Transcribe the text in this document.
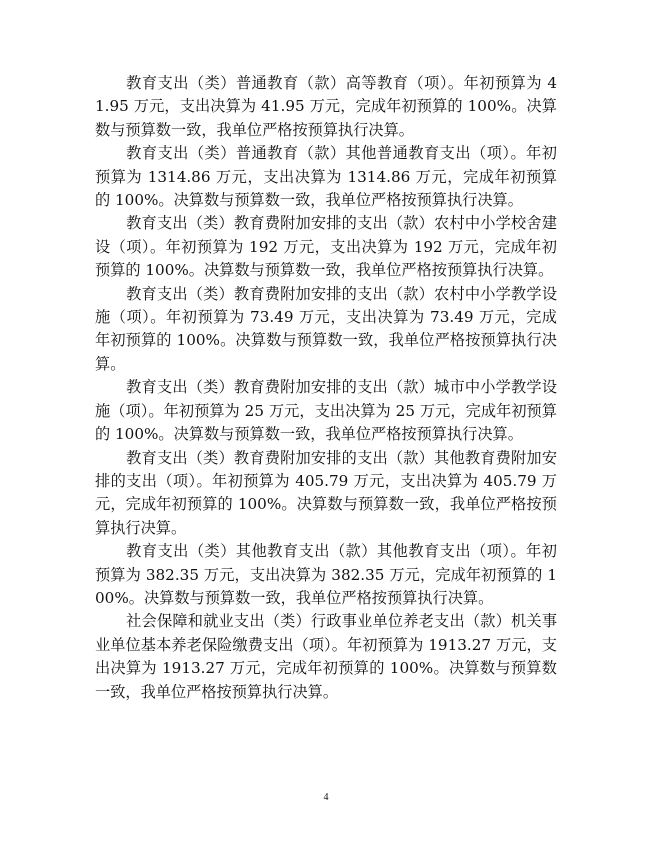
教育支出（类）普通教育（款）高等教育（项）。年初预算为 41.95 万元，支出决算为 41.95 万元，完成年初预算的 100%。决算数与预算数一致，我单位严格按预算执行决算。

教育支出（类）普通教育（款）其他普通教育支出（项）。年初预算为 1314.86 万元，支出决算为 1314.86 万元，完成年初预算的 100%。决算数与预算数一致，我单位严格按预算执行决算。

教育支出（类）教育费附加安排的支出（款）农村中小学校舍建设（项）。年初预算为 192 万元，支出决算为 192 万元，完成年初预算的 100%。决算数与预算数一致，我单位严格按预算执行决算。

教育支出（类）教育费附加安排的支出（款）农村中小学教学设施（项）。年初预算为 73.49 万元，支出决算为 73.49 万元，完成年初预算的 100%。决算数与预算数一致，我单位严格按预算执行决算。

教育支出（类）教育费附加安排的支出（款）城市中小学教学设施（项）。年初预算为 25 万元，支出决算为 25 万元，完成年初预算的 100%。决算数与预算数一致，我单位严格按预算执行决算。

教育支出（类）教育费附加安排的支出（款）其他教育费附加安排的支出（项）。年初预算为 405.79 万元，支出决算为 405.79 万元，完成年初预算的 100%。决算数与预算数一致，我单位严格按预算执行决算。

教育支出（类）其他教育支出（款）其他教育支出（项）。年初预算为 382.35 万元，支出决算为 382.35 万元，完成年初预算的 100%。决算数与预算数一致，我单位严格按预算执行决算。

社会保障和就业支出（类）行政事业单位养老支出（款）机关事业单位基本养老保险缴费支出（项）。年初预算为 1913.27 万元，支出决算为 1913.27 万元，完成年初预算的 100%。决算数与预算数一致，我单位严格按预算执行决算。

4
